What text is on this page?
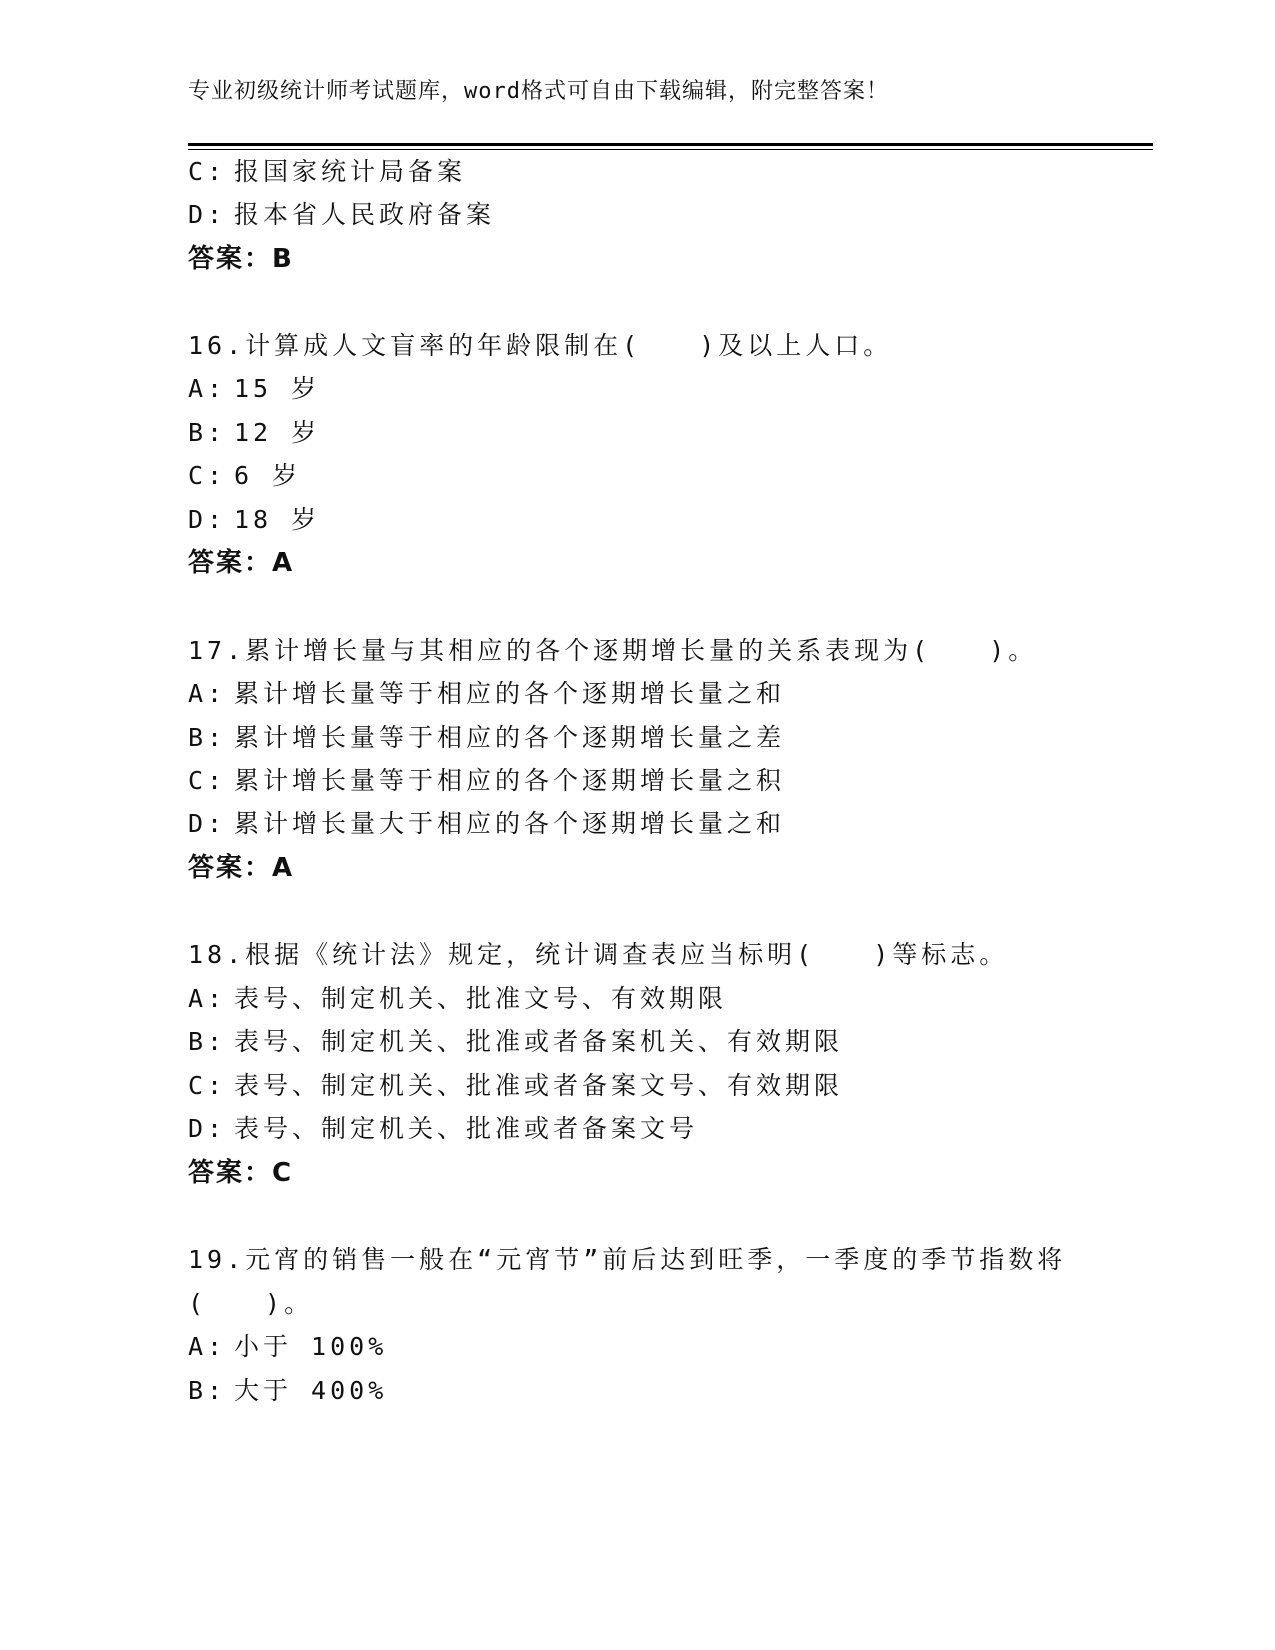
专业初级统计师考试题库，word格式可自由下载编辑，附完整答案！
C: 报国家统计局备案
D: 报本省人民政府备案
答案：B
16.计算成人文盲率的年龄限制在(　　)及以上人口。
A: 15 岁
B: 12 岁
C: 6 岁
D: 18 岁
答案：A
17.累计增长量与其相应的各个逐期增长量的关系表现为(　　)。
A: 累计增长量等于相应的各个逐期增长量之和
B: 累计增长量等于相应的各个逐期增长量之差
C: 累计增长量等于相应的各个逐期增长量之积
D: 累计增长量大于相应的各个逐期增长量之和
答案：A
18.根据《统计法》规定，统计调查表应当标明(　　)等标志。
A: 表号、制定机关、批准文号、有效期限
B: 表号、制定机关、批准或者备案机关、有效期限
C: 表号、制定机关、批准或者备案文号、有效期限
D: 表号、制定机关、批准或者备案文号
答案：C
19.元宵的销售一般在“元宵节”前后达到旺季，一季度的季节指数将
(　　)。
A: 小于 100%
B: 大于 400%
